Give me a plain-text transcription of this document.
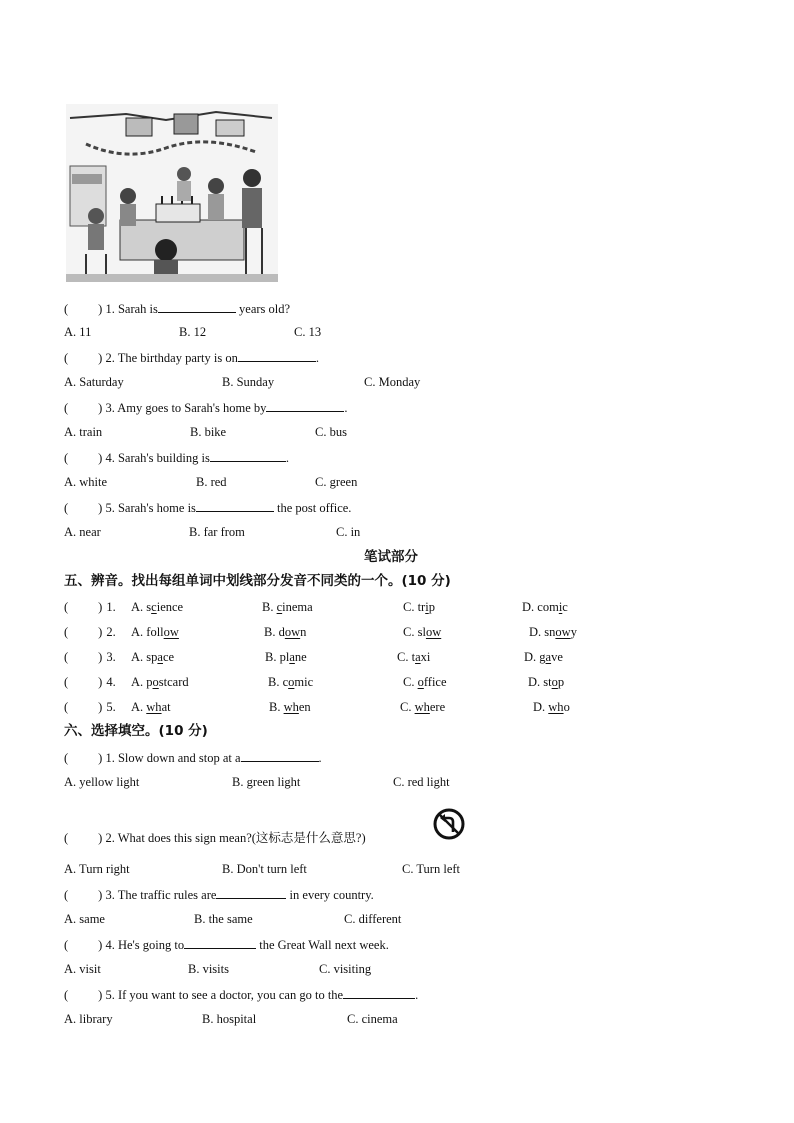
( ) 1. Sarah is	years old?
A. 11	B. 12	C. 13
( ) 2. The birthday party is on	.
A. Saturday	B. Sunday	C. Monday
( ) 3. Amy goes to Sarah's home by	.
A. train	B. bike	C. bus
( ) 4. Sarah's building is	.
A. white	B. red	C. green
( ) 5. Sarah's home is	the post office.
A. near	B. far from	C. in
笔试部分
五、辨音。找出每组单词中划线部分发音不同类的一个。(10 分)
( ) 1. A. science	B. cinema	C. trip	D. comic
( ) 2. A. follow	B. down	C. slow	D. snowy
( ) 3. A. space	B. plane	C. taxi	D. gave
( ) 4. A. postcard	B. comic	C. office	D. stop
( ) 5. A. what	B. when	C. where	D. who
六、选择填空。(10 分)
( ) 1. Slow down and stop at a	.
A. yellow light	B. green light	C. red light
( ) 2. What does this sign mean?(这标志是什么意思?)
A. Turn right	B. Don't turn left	C. Turn left
( ) 3. The traffic rules are	in every country.
A. same	B. the same	C. different
( ) 4. He's going to	the Great Wall next week.
A. visit	B. visits	C. visiting
( ) 5. If you want to see a doctor, you can go to the	.
A. library	B. hospital	C. cinema
